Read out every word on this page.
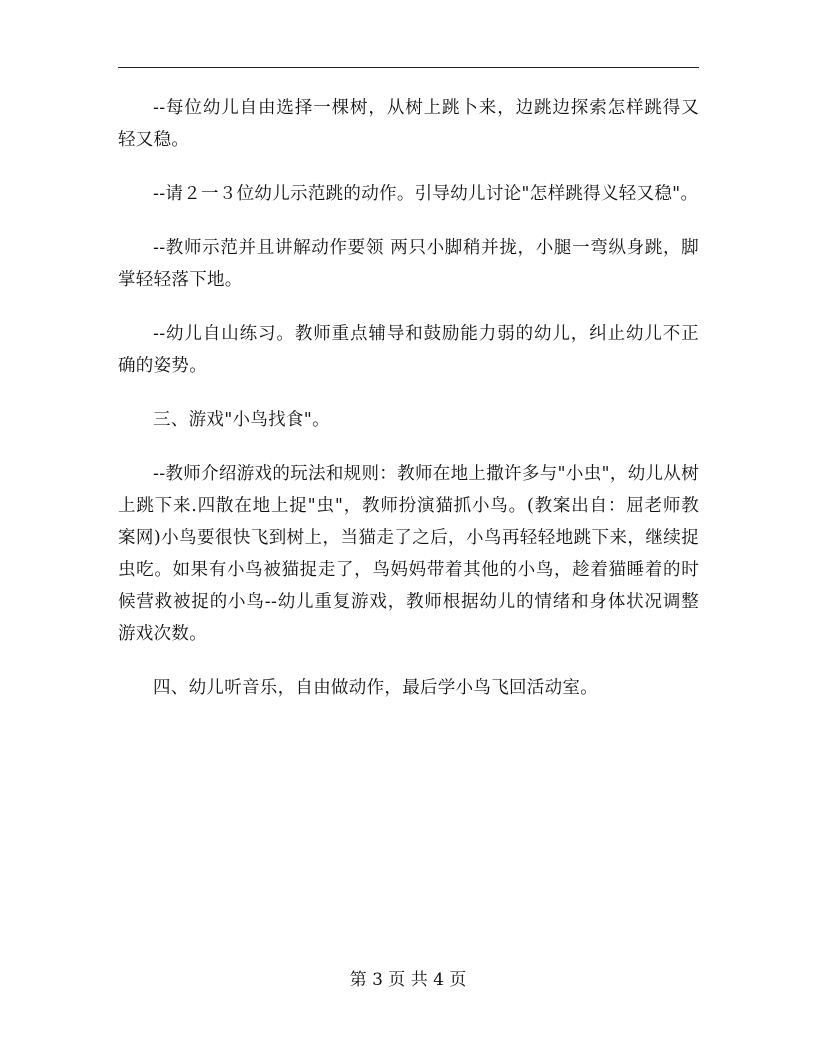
--每位幼儿自由选择一棵树，从树上跳卜来，边跳边探索怎样跳得又轻又稳。

--请２一３位幼儿示范跳的动作。引导幼儿讨论"怎样跳得义轻又稳"。

--教师示范并且讲解动作要领 两只小脚稍并拢，小腿一弯纵身跳，脚掌轻轻落下地。

--幼儿自山练习。教师重点辅导和鼓励能力弱的幼儿，纠止幼儿不正确的姿势。

三、游戏"小鸟找食"。

--教师介绍游戏的玩法和规则：教师在地上撒许多与"小虫"，幼儿从树上跳下来.四散在地上捉"虫"，教师扮演猫抓小鸟。(教案出自：屈老师教案网)小鸟要很快飞到树上，当猫走了之后，小鸟再轻轻地跳下来，继续捉虫吃。如果有小鸟被猫捉走了，鸟妈妈带着其他的小鸟，趁着猫睡着的时候营救被捉的小鸟--幼儿重复游戏，教师根据幼儿的情绪和身体状况调整游戏次数。

四、幼儿听音乐，自由做动作，最后学小鸟飞回活动室。

第 3 页 共 4 页
